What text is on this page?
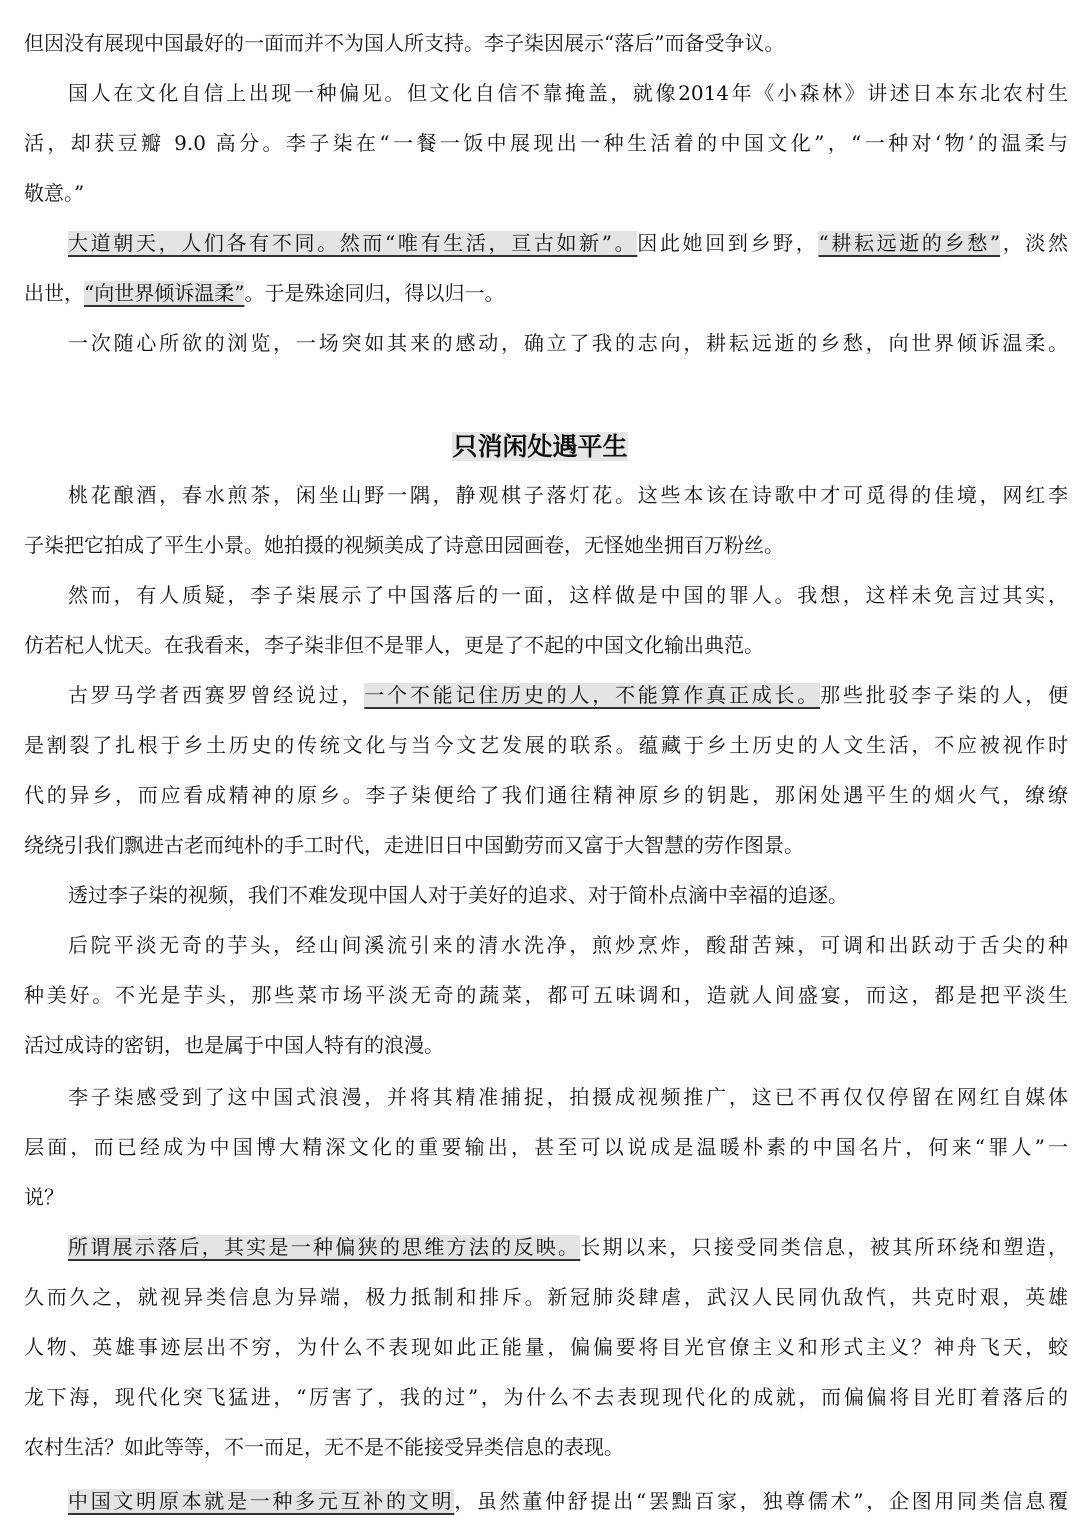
但因没有展现中国最好的一面而并不为国人所支持。李子柒因展示“落后”而备受争议。
国人在文化自信上出现一种偏见。但文化自信不靠掩盖，就像2014年《小森林》讲述日本东北农村生
活，却获豆瓣 9.0 高分。李子柒在“一餐一饭中展现出一种生活着的中国文化”，“一种对‘物’的温柔与
敬意。”
大道朝天，人们各有不同。然而“唯有生活，亘古如新”。因此她回到乡野，“耕耘远逝的乡愁”，淡然
出世，“向世界倾诉温柔”。于是殊途同归，得以归一。
一次随心所欲的浏览，一场突如其来的感动，确立了我的志向，耕耘远逝的乡愁，向世界倾诉温柔。
桃花酿酒，春水煎茶，闲坐山野一隅，静观棋子落灯花。这些本该在诗歌中才可觅得的佳境，网红李
子柒把它拍成了平生小景。她拍摄的视频美成了诗意田园画卷，无怪她坐拥百万粉丝。
然而，有人质疑，李子柒展示了中国落后的一面，这样做是中国的罪人。我想，这样未免言过其实，
仿若杞人忧天。在我看来，李子柒非但不是罪人，更是了不起的中国文化输出典范。
古罗马学者西赛罗曾经说过，一个不能记住历史的人，不能算作真正成长。那些批驳李子柒的人，便
是割裂了扎根于乡土历史的传统文化与当今文艺发展的联系。蕴藏于乡土历史的人文生活，不应被视作时
代的异乡，而应看成精神的原乡。李子柒便给了我们通往精神原乡的钥匙，那闲处遇平生的烟火气，缭缭
绕绕引我们飘进古老而纯朴的手工时代，走进旧日中国勤劳而又富于大智慧的劳作图景。
透过李子柒的视频，我们不难发现中国人对于美好的追求、对于简朴点滴中幸福的追逐。
后院平淡无奇的芋头，经山间溪流引来的清水洗净，煎炒烹炸，酸甜苦辣，可调和出跃动于舌尖的种
种美好。不光是芋头，那些菜市场平淡无奇的蔬菜，都可五味调和，造就人间盛宴，而这，都是把平淡生
活过成诗的密钥，也是属于中国人特有的浪漫。
李子柒感受到了这中国式浪漫，并将其精准捕捉，拍摄成视频推广，这已不再仅仅停留在网红自媒体
层面，而已经成为中国博大精深文化的重要输出，甚至可以说成是温暖朴素的中国名片，何来“罪人”一
说？
所谓展示落后，其实是一种偏狭的思维方法的反映。长期以来，只接受同类信息，被其所环绕和塑造，
久而久之，就视异类信息为异端，极力抵制和排斥。新冠肺炎肆虐，武汉人民同仇敌忾，共克时艰，英雄
人物、英雄事迹层出不穷，为什么不表现如此正能量，偏偏要将目光官僚主义和形式主义？神舟飞天，蛟
龙下海，现代化突飞猛进，“厉害了，我的过”，为什么不去表现现代化的成就，而偏偏将目光盯着落后的
农村生活？如此等等，不一而足，无不是不能接受异类信息的表现。
中国文明原本就是一种多元互补的文明，虽然董仲舒提出“罢黜百家，独尊儒术”，企图用同类信息覆
只消闲处遇平生
